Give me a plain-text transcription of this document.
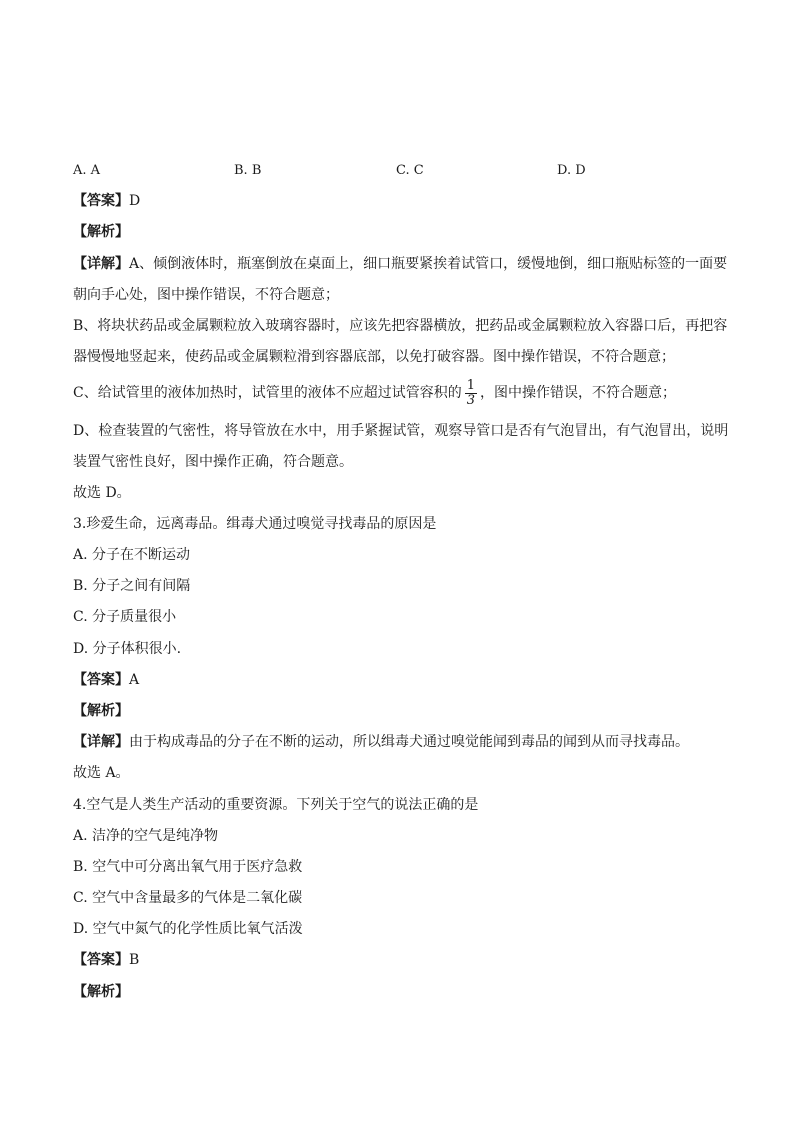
A. A	B. B	C. C	D. D
【答案】D
【解析】
【详解】A、倾倒液体时，瓶塞倒放在桌面上，细口瓶要紧挨着试管口，缓慢地倒，细口瓶贴标签的一面要
朝向手心处，图中操作错误，不符合题意；
B、将块状药品或金属颗粒放入玻璃容器时，应该先把容器横放，把药品或金属颗粒放入容器口后，再把容
器慢慢地竖起来，使药品或金属颗粒滑到容器底部，以免打破容器。图中操作错误，不符合题意；
C、给试管里的液体加热时，试管里的液体不应超过试管容积的 $\frac{1}{3}$ ，图中操作错误，不符合题意；
D、检查装置的气密性，将导管放在水中，用手紧握试管，观察导管口是否有气泡冒出，有气泡冒出，说明
装置气密性良好，图中操作正确，符合题意。
故选 D。
3.珍爱生命，远离毒品。缉毒犬通过嗅觉寻找毒品的原因是
A. 分子在不断运动
B. 分子之间有间隔
C. 分子质量很小
D. 分子体积很小.
【答案】A
【解析】
【详解】由于构成毒品的分子在不断的运动，所以缉毒犬通过嗅觉能闻到毒品的闻到从而寻找毒品。
故选 A。
4.空气是人类生产活动的重要资源。下列关于空气的说法正确的是
A. 洁净的空气是纯净物
B. 空气中可分离出氧气用于医疗急救
C. 空气中含量最多的气体是二氧化碳
D. 空气中氮气的化学性质比氧气活泼
【答案】B
【解析】
